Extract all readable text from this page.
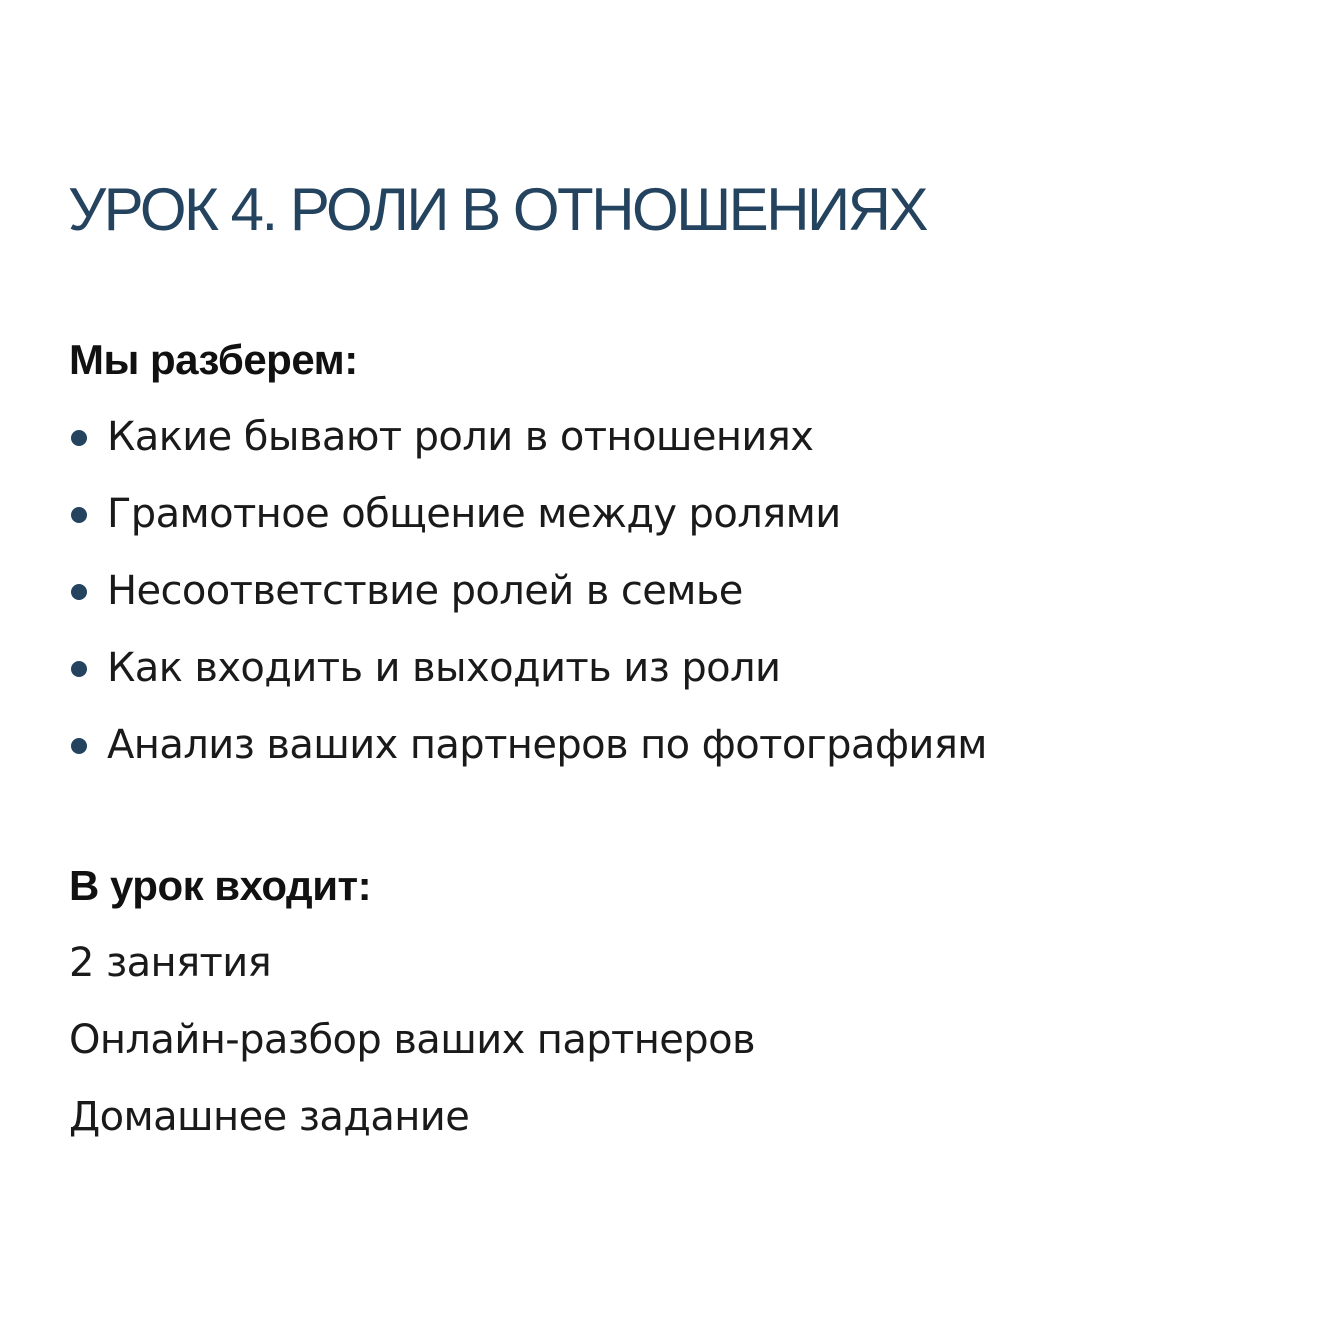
УРОК 4. РОЛИ В ОТНОШЕНИЯХ
Мы разберем:
Какие бывают роли в отношениях
Грамотное общение между ролями
Несоответствие ролей в семье
Как входить и выходить из роли
Анализ ваших партнеров по фотографиям
В урок входит:
2 занятия
Онлайн-разбор ваших партнеров
Домашнее задание
